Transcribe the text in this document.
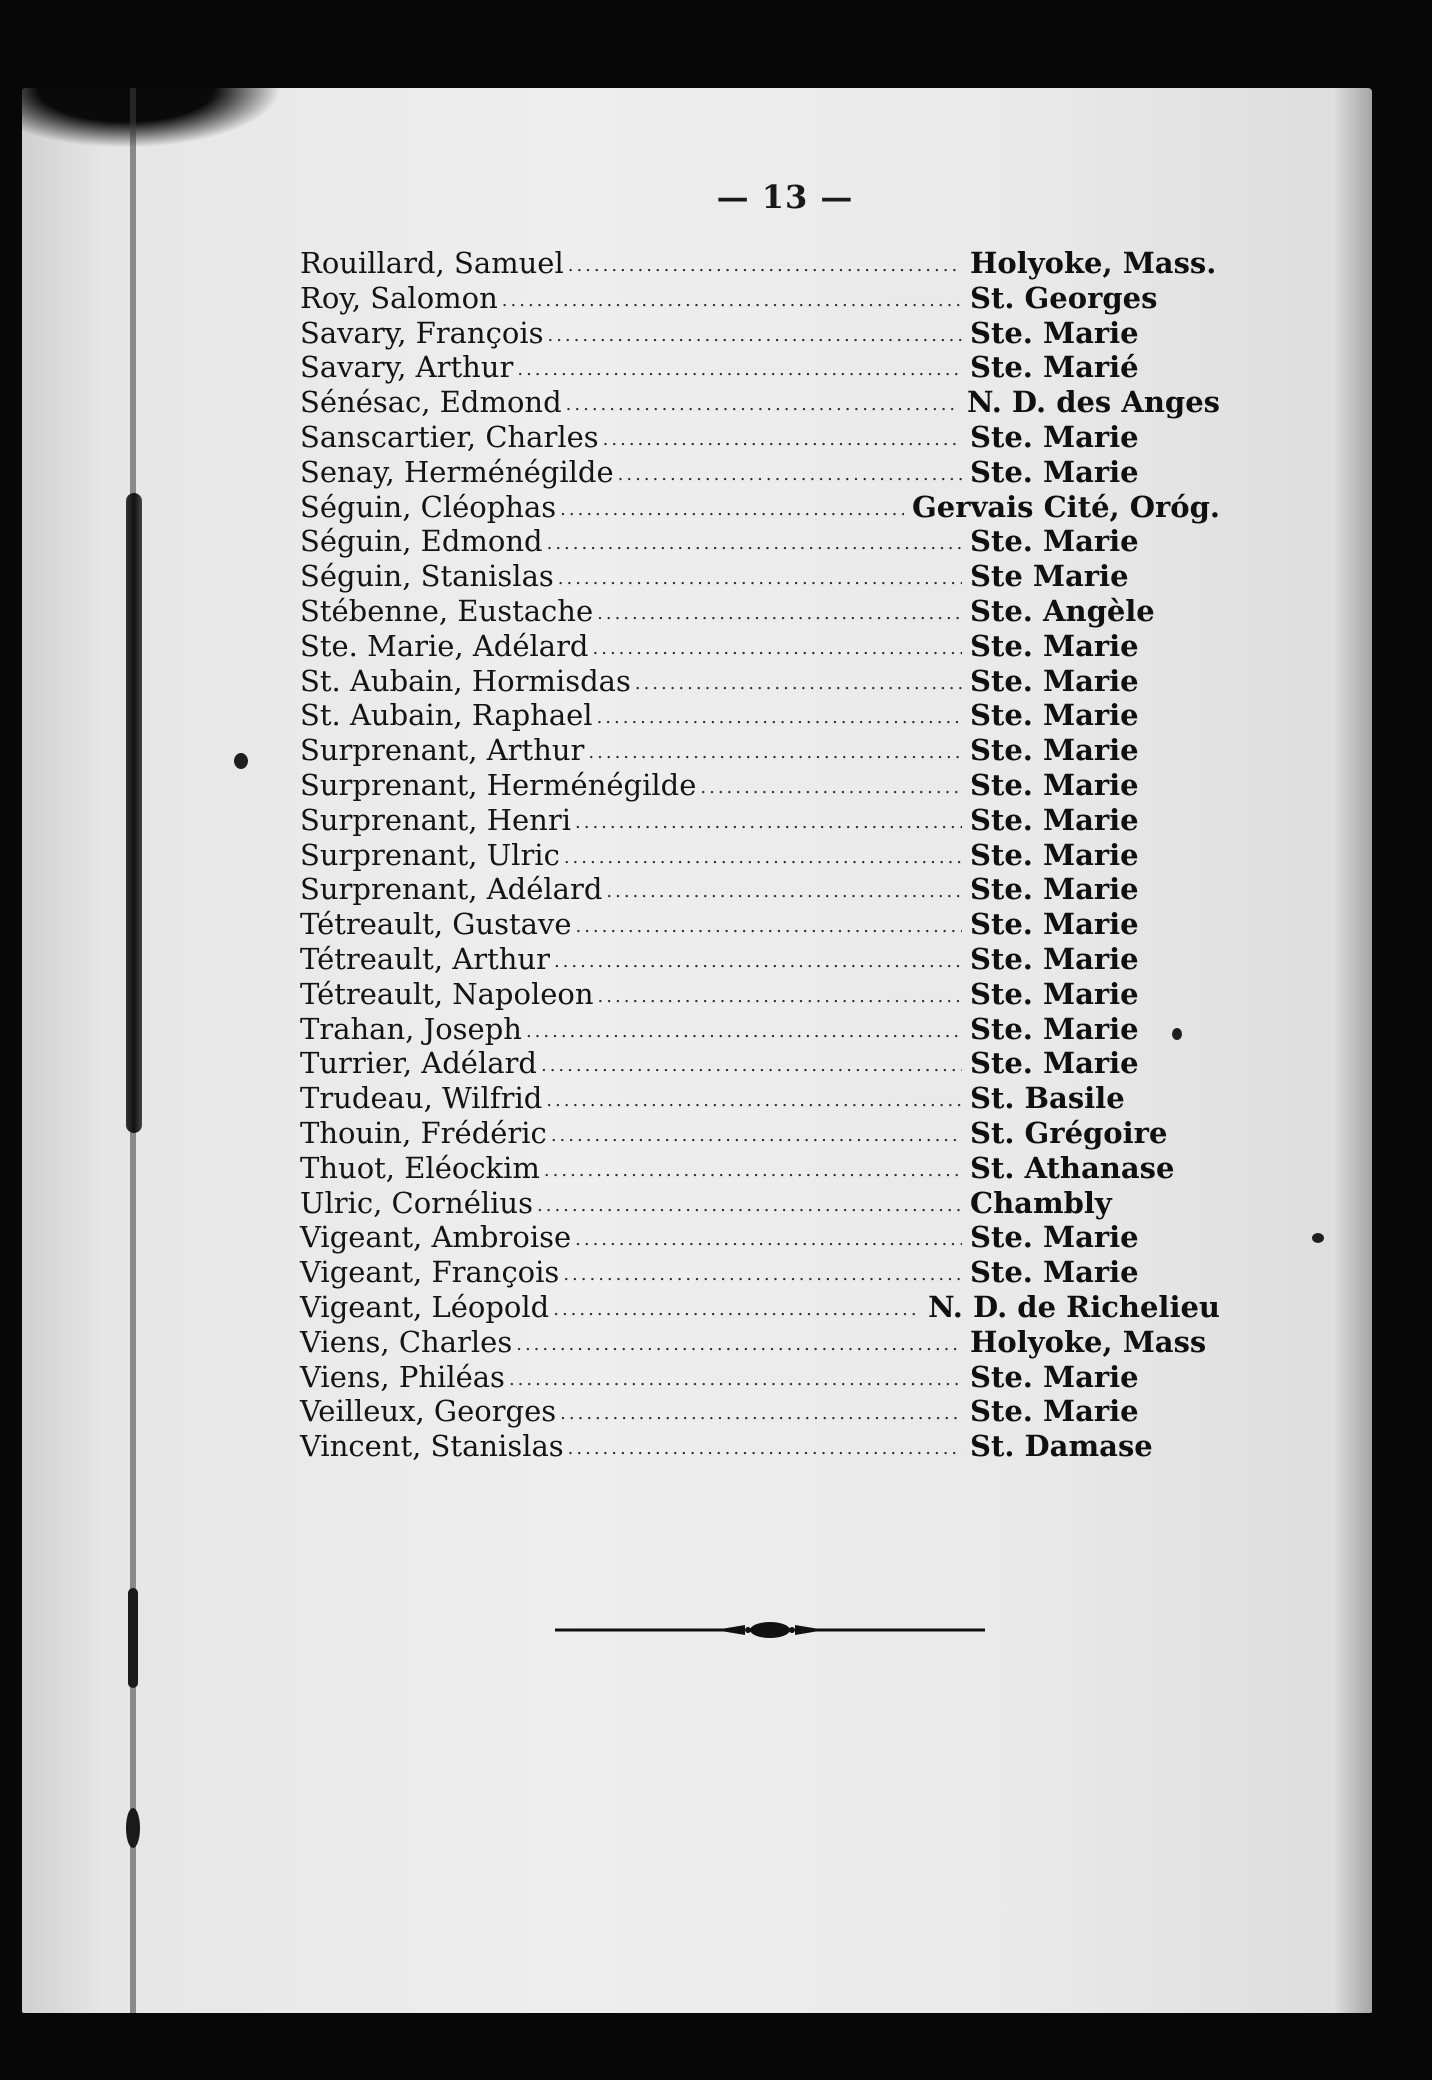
— 13 —
Rouillard, Samuel .....	Holyoke, Mass.
Roy, Salomon .....	St. Georges
Savary, François .....	Ste. Marie
Savary, Arthur .....	Ste. Marié
Sénésac, Edmond .....	N. D. des Anges
Sanscartier, Charles .....	Ste. Marie
Senay, Herménégilde .....	Ste. Marie
Séguin, Cléophas .....	Gervais Cité, Oróg.
Séguin, Edmond .....	Ste. Marie
Séguin, Stanislas .....	Ste Marie
Stébenne, Eustache .....	Ste. Angèle
Ste. Marie, Adélard .....	Ste. Marie
St. Aubain, Hormisdas .....	Ste. Marie
St. Aubain, Raphael .....	Ste. Marie
Surprenant, Arthur .....	Ste. Marie
Surprenant, Herménégilde .....	Ste. Marie
Surprenant, Henri .....	Ste. Marie
Surprenant, Ulric .....	Ste. Marie
Surprenant, Adélard .....	Ste. Marie
Tétreault, Gustave .....	Ste. Marie
Tétreault, Arthur .....	Ste. Marie
Tétreault, Napoleon .....	Ste. Marie
Trahan, Joseph .....	Ste. Marie
Turrier, Adélard .....	Ste. Marie
Trudeau, Wilfrid .....	St. Basile
Thouin, Frédéric .....	St. Grégoire
Thuot, Eléockim .....	St. Athanase
Ulric, Cornélius .....	Chambly
Vigeant, Ambroise .....	Ste. Marie
Vigeant, François .....	Ste. Marie
Vigeant, Léopold .....	N. D. de Richelieu
Viens, Charles .....	Holyoke, Mass
Viens, Philéas .....	Ste. Marie
Veilleux, Georges .....	Ste. Marie
Vincent, Stanislas .....	St. Damase
